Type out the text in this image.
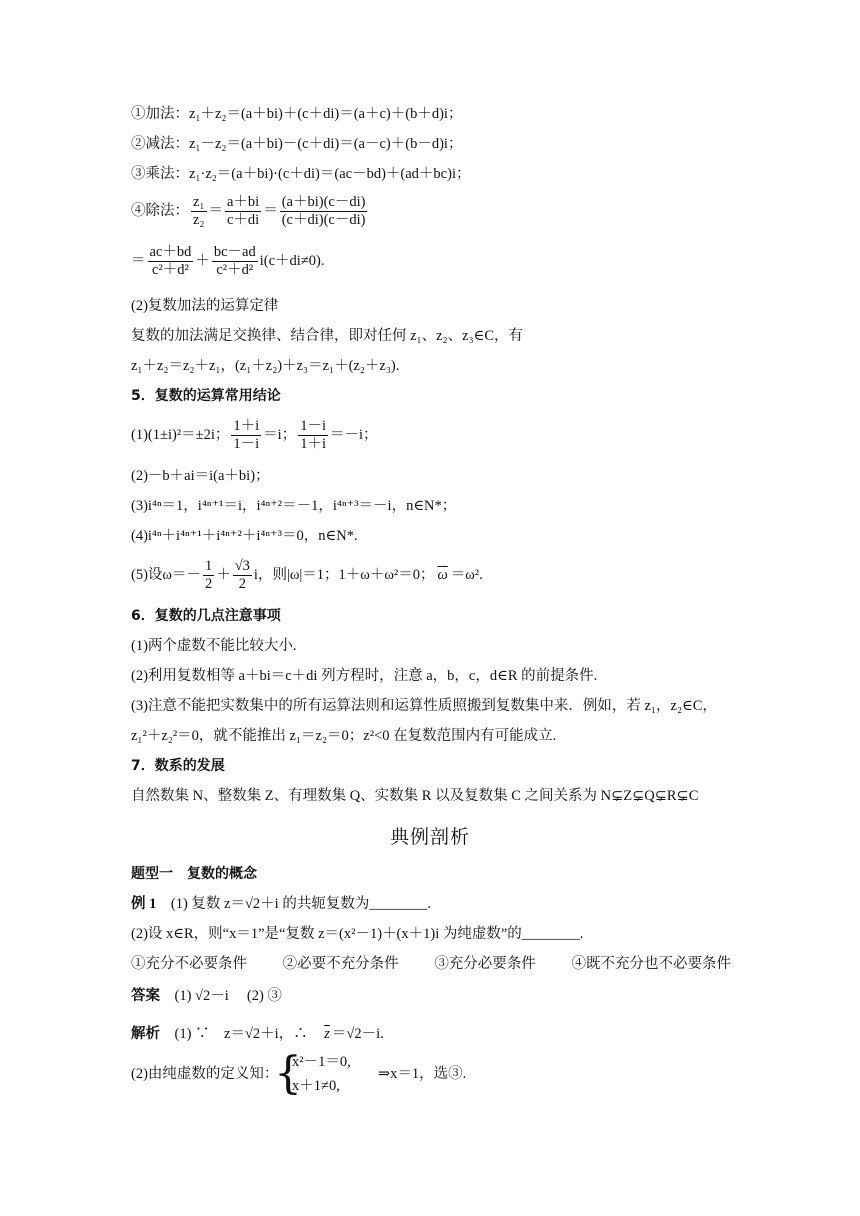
①加法：z₁＋z₂＝(a＋bi)＋(c＋di)＝(a＋c)＋(b＋d)i；
②减法：z₁－z₂＝(a＋bi)－(c＋di)＝(a－c)＋(b－d)i；
③乘法：z₁·z₂＝(a＋bi)·(c＋di)＝(ac－bd)＋(ad＋bc)i；
④除法： $\frac{\text{z₁}}{\text{z₂}} = \frac{a+bi}{c+di} = \frac{(a+bi)(c-di)}{(c+di)(c-di)}$
＝ $\frac{ac+bd}{\text{c²＋d²}} + \frac{bc-ad}{\text{c²＋d²}} i(c+di\ne 0)$.
(2)复数加法的运算定律
复数的加法满足交换律、结合律，即对任何 z₁、z₂、z₃∈C，有
z₁＋z₂＝z₂＋z₁，(z₁＋z₂)＋z₃＝z₁＋(z₂＋z₃).
5．复数的运算常用结论
(1)(1±i)²＝±2i； $\frac{1+i}{1-i} =i$； $\frac{1-i}{1+i} =-i$；
(2)－b＋ai＝i(a＋bi)；
(3)i⁴ⁿ＝1，i⁴ⁿ⁺¹＝i，i⁴ⁿ⁺²＝－1，i⁴ⁿ⁺³＝－i，n∈N*；
(4)i⁴ⁿ＋i⁴ⁿ⁺¹＋i⁴ⁿ⁺²＋i⁴ⁿ⁺³＝0，n∈N*.
(5)设$\omega=- \frac{1}{2} + \frac{√3}{2}$ i，则|ω|＝1；1＋ω＋ω²＝0； $\overline{\omega} =\omega^2$.
6．复数的几点注意事项
(1)两个虚数不能比较大小.
(2)利用复数相等 a＋bi＝c＋di 列方程时，注意 a，b，c，d∈R 的前提条件.
(3)注意不能把实数集中的所有运算法则和运算性质照搬到复数集中来．例如，若 z₁，z₂∈C，
z₁²＋z₂²＝0，就不能推出 z₁＝z₂＝0；z²<0 在复数范围内有可能成立.
7．数系的发展
自然数集 N、整数集 Z、有理数集 Q、实数集 R 以及复数集 C 之间关系为 N⊊Z⊊Q⊊R⊊C
典例剖析
题型一　复数的概念
例 1　(1) 复数 z＝√2＋i 的共轭复数为________.
(2)设 x∈R，则“x＝1”是“复数 z＝(x²－1)＋(x＋1)i 为纯虚数”的________.
①充分不必要条件 ②必要不充分条件 ③充分必要条件 ④既不充分也不必要条件
答案　(1) √2－i　 (2) ③
解析　(1) ∵　z＝√2＋i，∴　$\overline{z} =√2-i$.
(2)由纯虚数的定义知：
{
x²－1＝0,
x＋1≠0,
⇒x＝1，选③.
